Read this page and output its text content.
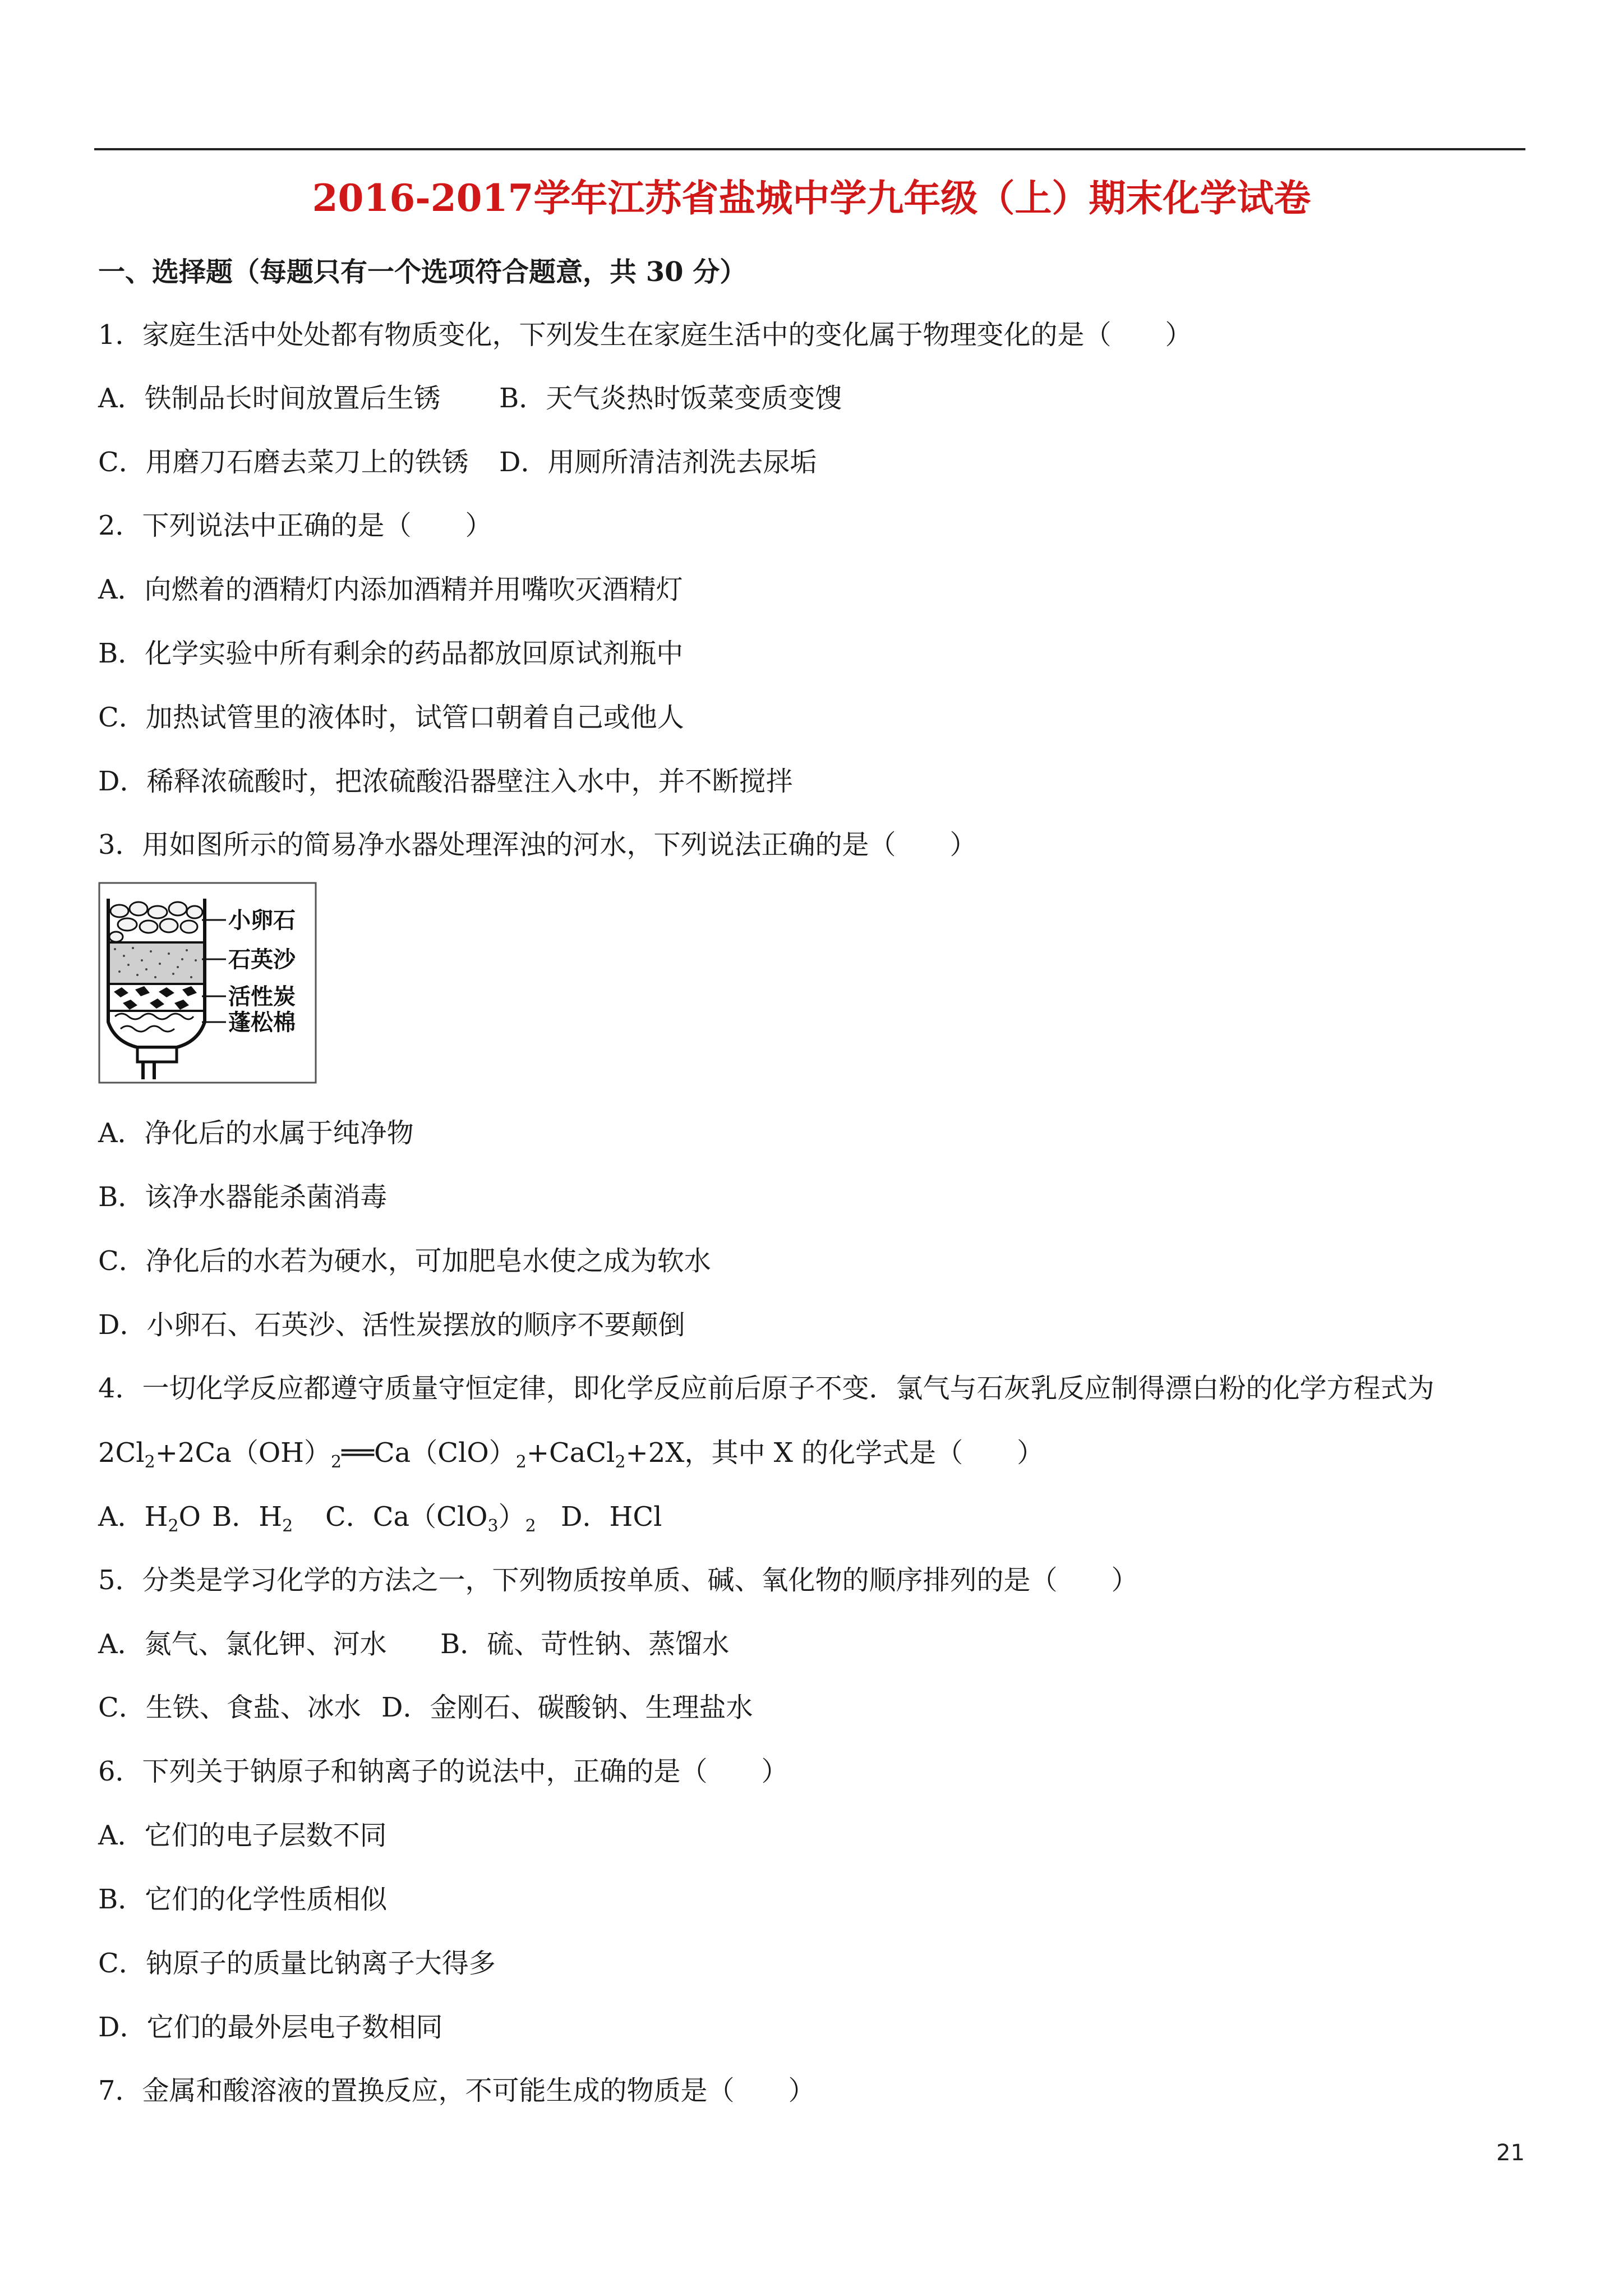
2016-2017学年江苏省盐城中学九年级（上）期末化学试卷
一、选择题（每题只有一个选项符合题意，共 30 分）
1．家庭生活中处处都有物质变化，下列发生在家庭生活中的变化属于物理变化的是（　　）
A．铁制品长时间放置后生锈 B．天气炎热时饭菜变质变馊
C．用磨刀石磨去菜刀上的铁锈 D．用厕所清洁剂洗去尿垢
2．下列说法中正确的是（　　）
A．向燃着的酒精灯内添加酒精并用嘴吹灭酒精灯
B．化学实验中所有剩余的药品都放回原试剂瓶中
C．加热试管里的液体时，试管口朝着自己或他人
D．稀释浓硫酸时，把浓硫酸沿器壁注入水中，并不断搅拌
3．用如图所示的简易净水器处理浑浊的河水，下列说法正确的是（　　）
小卵石
石英沙
活性炭
蓬松棉
A．净化后的水属于纯净物
B．该净水器能杀菌消毒
C．净化后的水若为硬水，可加肥皂水使之成为软水
D．小卵石、石英沙、活性炭摆放的顺序不要颠倒
4．一切化学反应都遵守质量守恒定律，即化学反应前后原子不变．氯气与石灰乳反应制得漂白粉的化学方程式为
$2Cl_2+2Ca(OH)_2══Ca(ClO)_2+CaCl_2+2X$，其中 X 的化学式是（　　）
A．$H_2O$ B．$H_2$ C．$Ca(ClO_3)_2$ D．HCl
5．分类是学习化学的方法之一，下列物质按单质、碱、氧化物的顺序排列的是（　　）
A．氮气、氯化钾、河水 B．硫、苛性钠、蒸馏水
C．生铁、食盐、冰水 D．金刚石、碳酸钠、生理盐水
6．下列关于钠原子和钠离子的说法中，正确的是（　　）
A．它们的电子层数不同
B．它们的化学性质相似
C．钠原子的质量比钠离子大得多
D．它们的最外层电子数相同
7．金属和酸溶液的置换反应，不可能生成的物质是（　　）
21
